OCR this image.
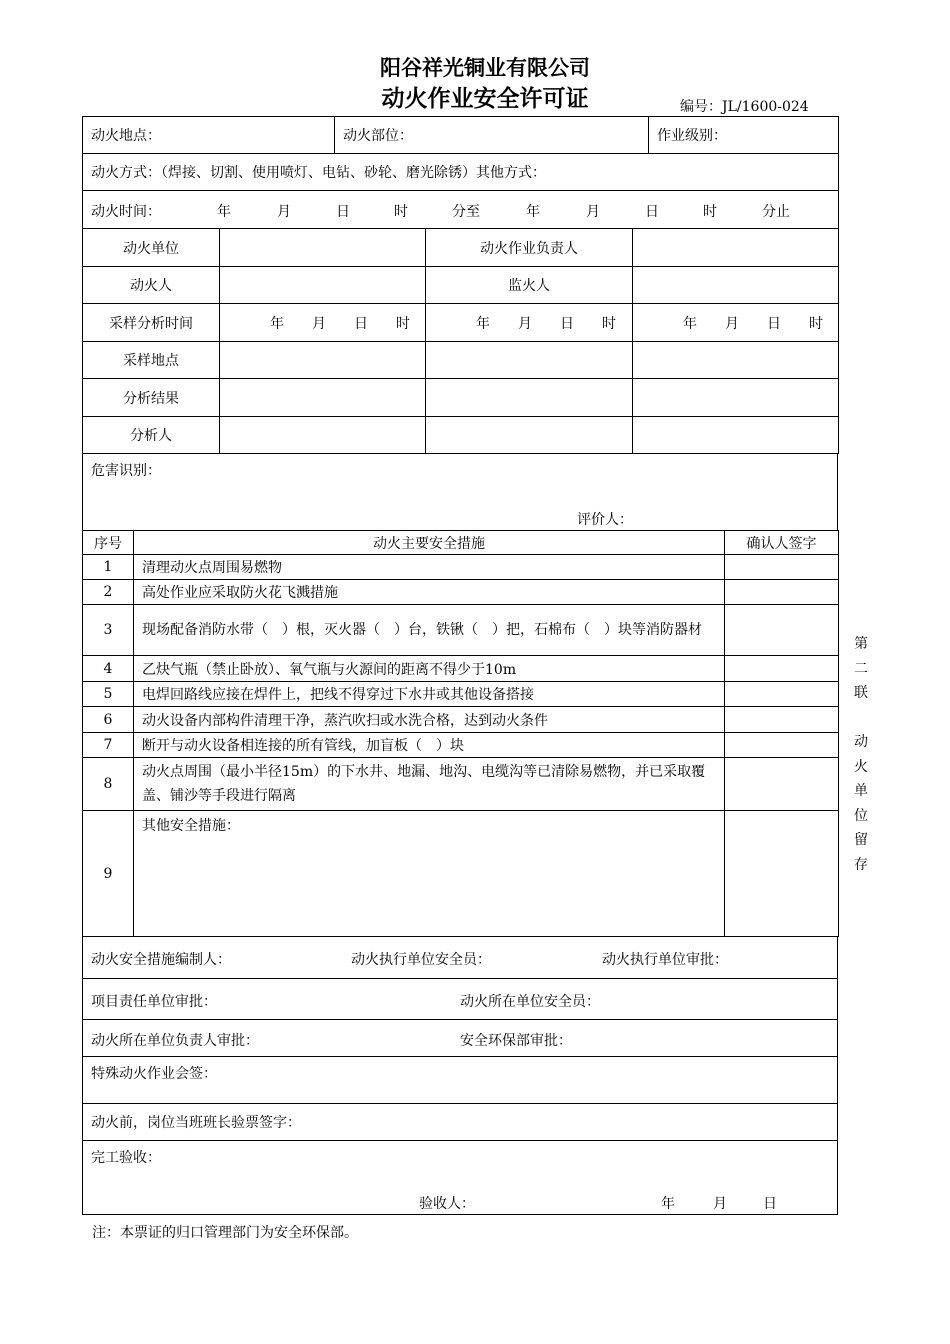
阳谷祥光铜业有限公司
动火作业安全许可证	编号：JL/1600-024
动火地点：	动火部位：	作业级别：
动火方式：（焊接、切割、使用喷灯、电钻、砂轮、磨光除锈）其他方式：

动火时间：	年	月	日	时	分至	年	月	日	时	分止
动火单位		动火作业负责人	
动火人		监火人	
采样分析时间	年 月 日 时	年 月 日 时	年 月 日 时
采样地点			
分析结果			
分析人			
危害识别：
评价人：
序号	动火主要安全措施	确认人签字
1	清理动火点周围易燃物	
2	高处作业应采取防火花飞溅措施	
3	现场配备消防水带（　）根，灭火器（　）台，铁锹（　）把，石棉布（　）块等消防器材	
4	乙炔气瓶（禁止卧放）、氧气瓶与火源间的距离不得少于10m	
5	电焊回路线应接在焊件上，把线不得穿过下水井或其他设备搭接	
6	动火设备内部构件清理干净，蒸汽吹扫或水洗合格，达到动火条件	
7	断开与动火设备相连接的所有管线，加盲板（　）块	
8	动火点周围（最小半径15m）的下水井、地漏、地沟、电缆沟等已清除易燃物，并已采取覆盖、铺沙等手段进行隔离	
9	其他安全措施：	
动火安全措施编制人：	动火执行单位安全员：	动火执行单位审批：

项目责任单位审批：	动火所在单位安全员：

动火所在单位负责人审批：	安全环保部审批：

特殊动火作业会签：
动火前，岗位当班班长验票签字：

完工验收：
验收人：	年	月	日
第
二
联
动
火
单
位
留
存
注：本票证的归口管理部门为安全环保部。
